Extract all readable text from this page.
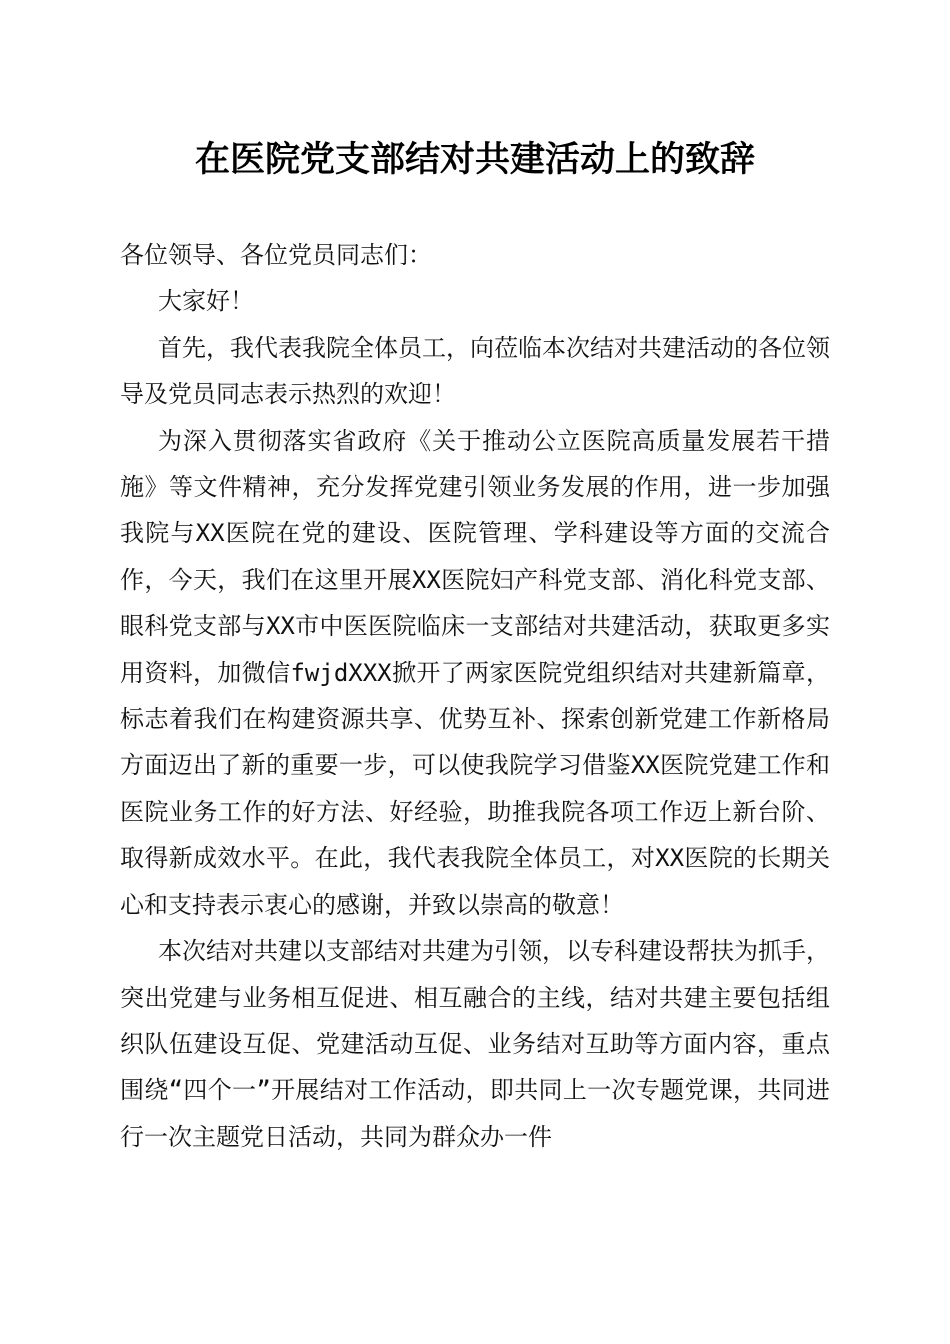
在医院党支部结对共建活动上的致辞

各位领导、各位党员同志们：

大家好！

首先，我代表我院全体员工，向莅临本次结对共建活动的各位领导及党员同志表示热烈的欢迎！

为深入贯彻落实省政府《关于推动公立医院高质量发展若干措施》等文件精神，充分发挥党建引领业务发展的作用，进一步加强我院与XX医院在党的建设、医院管理、学科建设等方面的交流合作，今天，我们在这里开展XX医院妇产科党支部、消化科党支部、眼科党支部与XX市中医医院临床一支部结对共建活动，获取更多实用资料，加微信fwjdXXX掀开了两家医院党组织结对共建新篇章，标志着我们在构建资源共享、优势互补、探索创新党建工作新格局方面迈出了新的重要一步，可以使我院学习借鉴XX医院党建工作和医院业务工作的好方法、好经验，助推我院各项工作迈上新台阶、取得新成效水平。在此，我代表我院全体员工，对XX医院的长期关心和支持表示衷心的感谢，并致以崇高的敬意！

本次结对共建以支部结对共建为引领，以专科建设帮扶为抓手，突出党建与业务相互促进、相互融合的主线，结对共建主要包括组织队伍建设互促、党建活动互促、业务结对互助等方面内容，重点围绕“四个一”开展结对工作活动，即共同上一次专题党课，共同进行一次主题党日活动，共同为群众办一件
